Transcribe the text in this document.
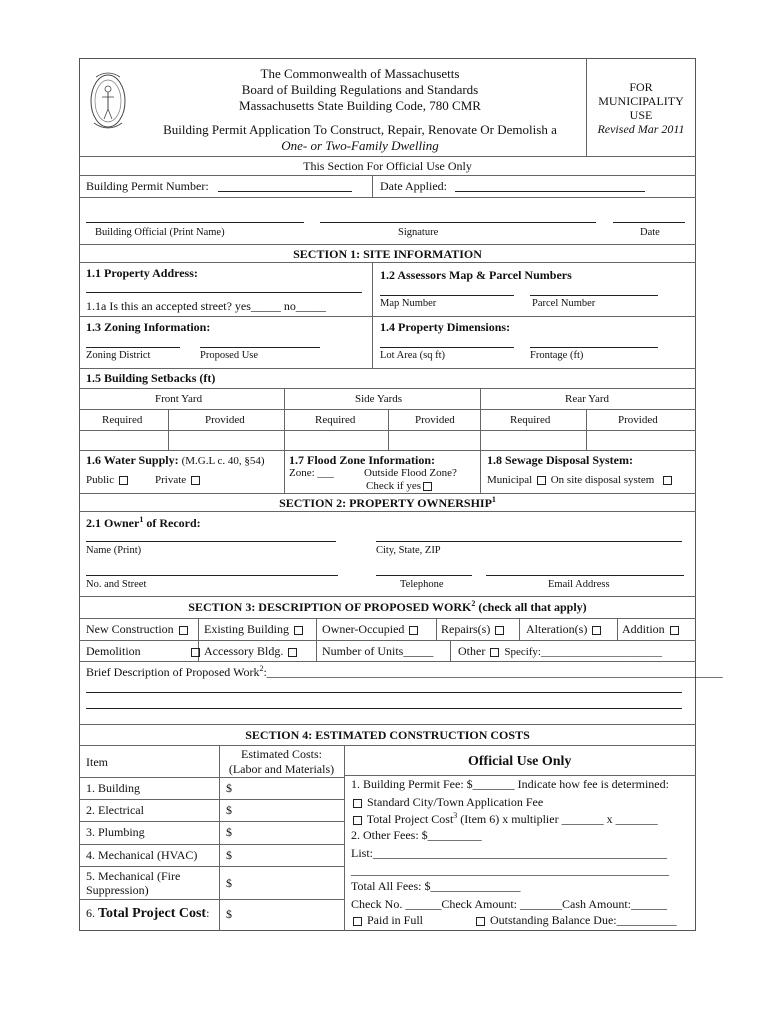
The Commonwealth of Massachusetts
Board of Building Regulations and Standards
Massachusetts State Building Code, 780 CMR
Building Permit Application To Construct, Repair, Renovate Or Demolish a
One- or Two-Family Dwelling
FOR
MUNICIPALITY
USE
Revised Mar 2011
This Section For Official Use Only
Building Permit Number:	Date Applied:
Building Official (Print Name)	Signature	Date
SECTION 1: SITE INFORMATION
1.1 Property Address:
1.1a Is this an accepted street? yes_____ no_____
1.2 Assessors Map & Parcel Numbers
Map Number	Parcel Number
1.3 Zoning Information:	1.4 Property Dimensions:
Zoning District	Proposed Use	Lot Area (sq ft)	Frontage (ft)
1.5 Building Setbacks (ft)
Front Yard	Side Yards	Rear Yard
Required	Provided	Required	Provided	Required	Provided
1.6 Water Supply: (M.G.L c. 40, §54)
Public	Private
1.7 Flood Zone Information:
Zone: ___	Outside Flood Zone?
Check if yes
1.8 Sewage Disposal System:
Municipal On site disposal system
SECTION 2: PROPERTY OWNERSHIP$^1$
2.1 Owner$^1$ of Record:
Name (Print)	City, State, ZIP
No. and Street	Telephone	Email Address
SECTION 3: DESCRIPTION OF PROPOSED WORK$^2$ (check all that apply)
New Construction	Existing Building	Owner-Occupied	Repairs(s)	Alteration(s)	Addition
Demolition	Accessory Bldg.	Number of Units_____ Other Specify:______________________
Brief Description of Proposed Work$^2$:____________________________________________________________________________
SECTION 4: ESTIMATED CONSTRUCTION COSTS
Item
Estimated Costs:
(Labor and Materials)	Official Use Only
1. Building	$
2. Electrical	$
3. Plumbing	$
4. Mechanical (HVAC) $
5. Mechanical (Fire
Suppression)	$
6. Total Project Cost: $
1. Building Permit Fee: $_______ Indicate how fee is determined:
Standard City/Town Application Fee
Total Project Cost$^3$ (Item 6) x multiplier _______ x _______
2. Other Fees: $_________
List:_________________________________________________
_____________________________________________________
Total All Fees: $_______________
Check No. ______Check Amount: _______Cash Amount:______
Paid in Full	Outstanding Balance Due:__________
